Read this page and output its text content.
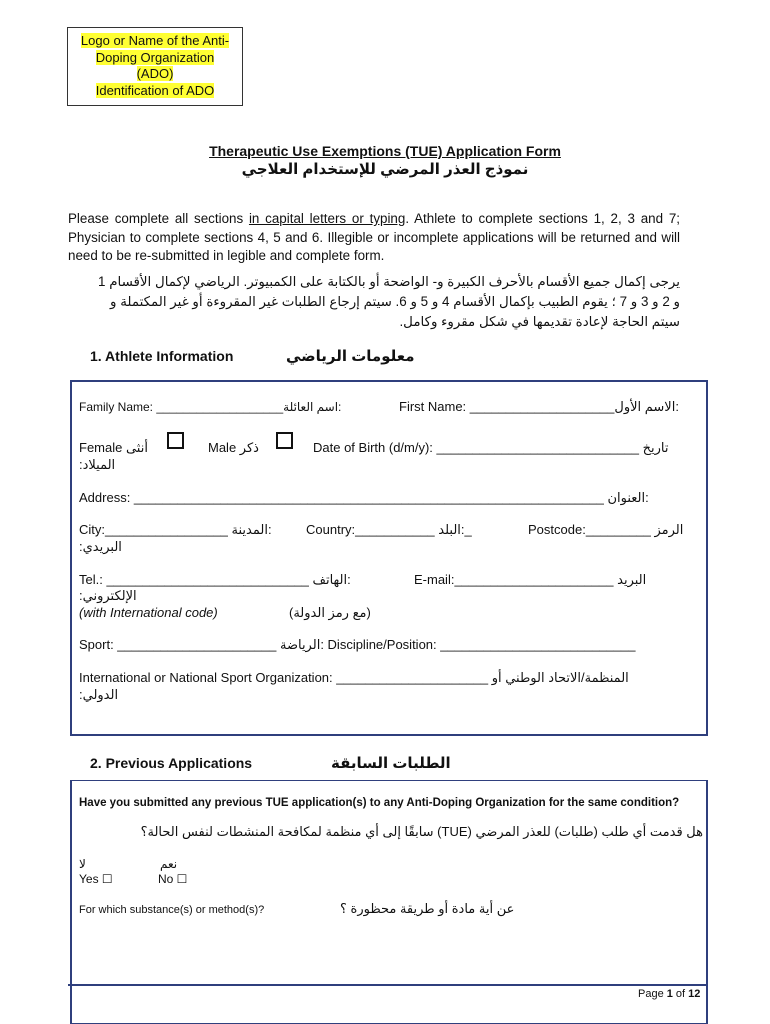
Logo or Name of the Anti-
Doping Organization
(ADO)
Identification of ADO
Therapeutic Use Exemptions (TUE) Application Form
نموذج العذر المرضي للإستخدام العلاجي
Please complete all sections in capital letters or typing. Athlete to complete sections 1, 2, 3 and 7; Physician to complete sections 4, 5 and 6. Illegible or incomplete applications will be returned and will need to be re-submitted in legible and complete form.
يرجى إكمال جميع الأقسام بالأحرف الكبيرة و- الواضحة أو بالكتابة على الكمبيوتر. الرياضي لإكمال الأقسام 1
و 2 و 3 و 7 ؛ يقوم الطبيب بإكمال الأقسام 4 و 5 و 6. سيتم إرجاع الطلبات غير المقروءة أو غير المكتملة و
سيتم الحاجة لإعادة تقديمها في شكل مقروء وكامل.
1. Athlete Information	معلومات الرياضي
Family Name: ___________________اسم العائلة:	First Name: ____________________الاسم الأول:
Female أنثى	Male ذكر	Date of Birth (d/m/y): ____________________________ تاريخ
الميلاد:
Address: _________________________________________________________________ العنوان:
City:_________________ المدينة:	Country:___________ البلد:_	Postcode:_________ الرمز
البريدي:
Tel.: ____________________________ الهاتف:	E-mail:______________________ البريد
الإلكتروني:
(with International code)	(مع رمز الدولة)
Sport: ______________________ الرياضة: Discipline/Position: ___________________________
International or National Sport Organization: _____________________ المنظمة/الاتحاد الوطني أو
الدولي:
2. Previous Applications	الطلبات السابقة
Have you submitted any previous TUE application(s) to any Anti-Doping Organization for the same condition?
هل قدمت أي طلب (طلبات) للعذر المرضي (TUE) سابقًا إلى أي منظمة لمكافحة المنشطات لنفس الحالة؟
لا	نعم
Yes ☐	No ☐
For which substance(s) or method(s)?	عن أية مادة أو طريقة محظورة ؟
Page 1 of 12
